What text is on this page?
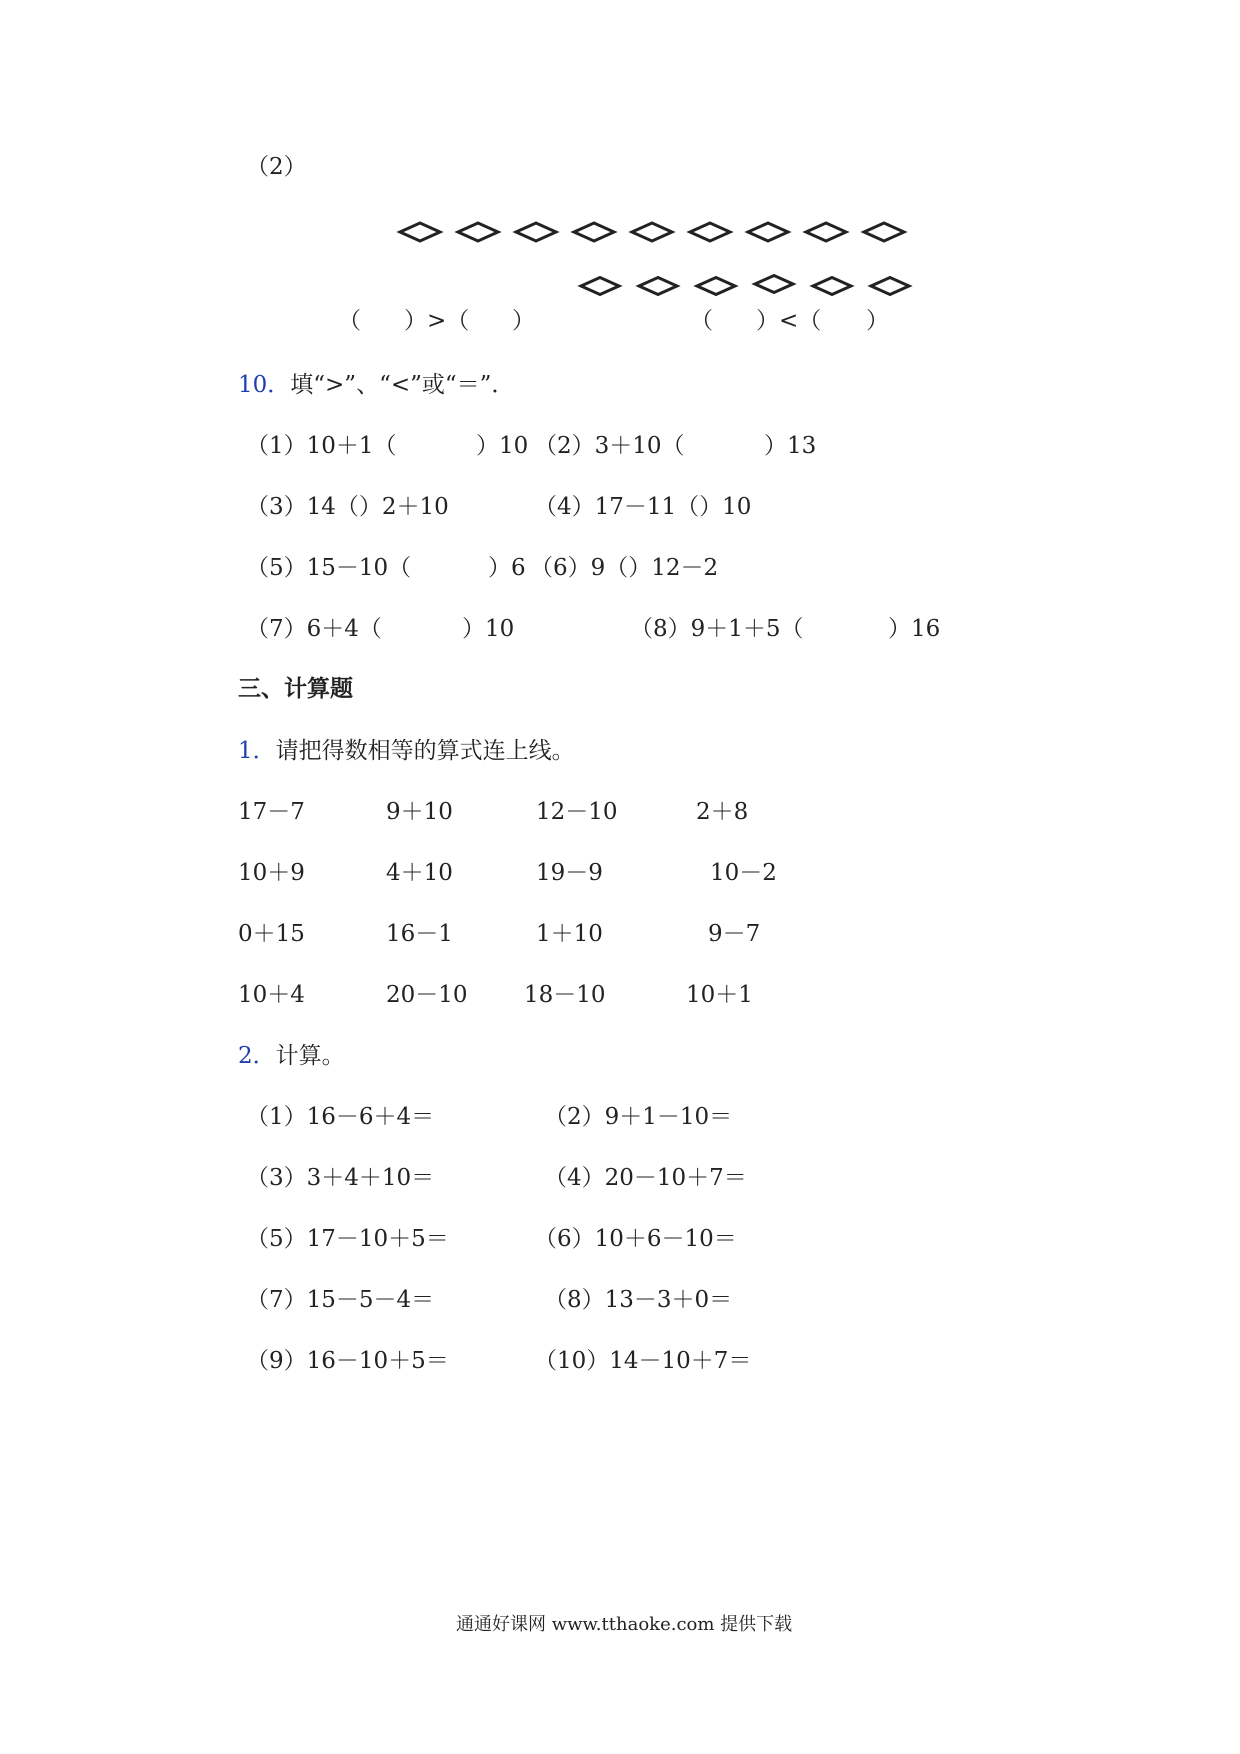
（2）
（ ）>（ ）	（ ）<（ ）
10．填“>”、“<”或“＝”．
（1）10＋1（	）10 （2）3＋10（	）13
（3）14（）2＋10	（4）17－11（）10
（5）15－10（	）6 （6）9（）12－2
（7）6＋4（	）10	（8）9＋1＋5（	）16
三、计算题
1．请把得数相等的算式连上线。
17－7	9＋10	12－10	2＋8
10＋9	4＋10	19－9	10－2
0＋15	16－1	1＋10	9－7
10＋4	20－10 18－10	10＋1
2．计算。
（1）16－6＋4＝	（2）9＋1－10＝
（3）3＋4＋10＝	（4）20－10＋7＝
（5）17－10＋5＝	（6）10＋6－10＝
（7）15－5－4＝	（8）13－3＋0＝
（9）16－10＋5＝	（10）14－10＋7＝
通通好课网 www.tthaoke.com 提供下载
